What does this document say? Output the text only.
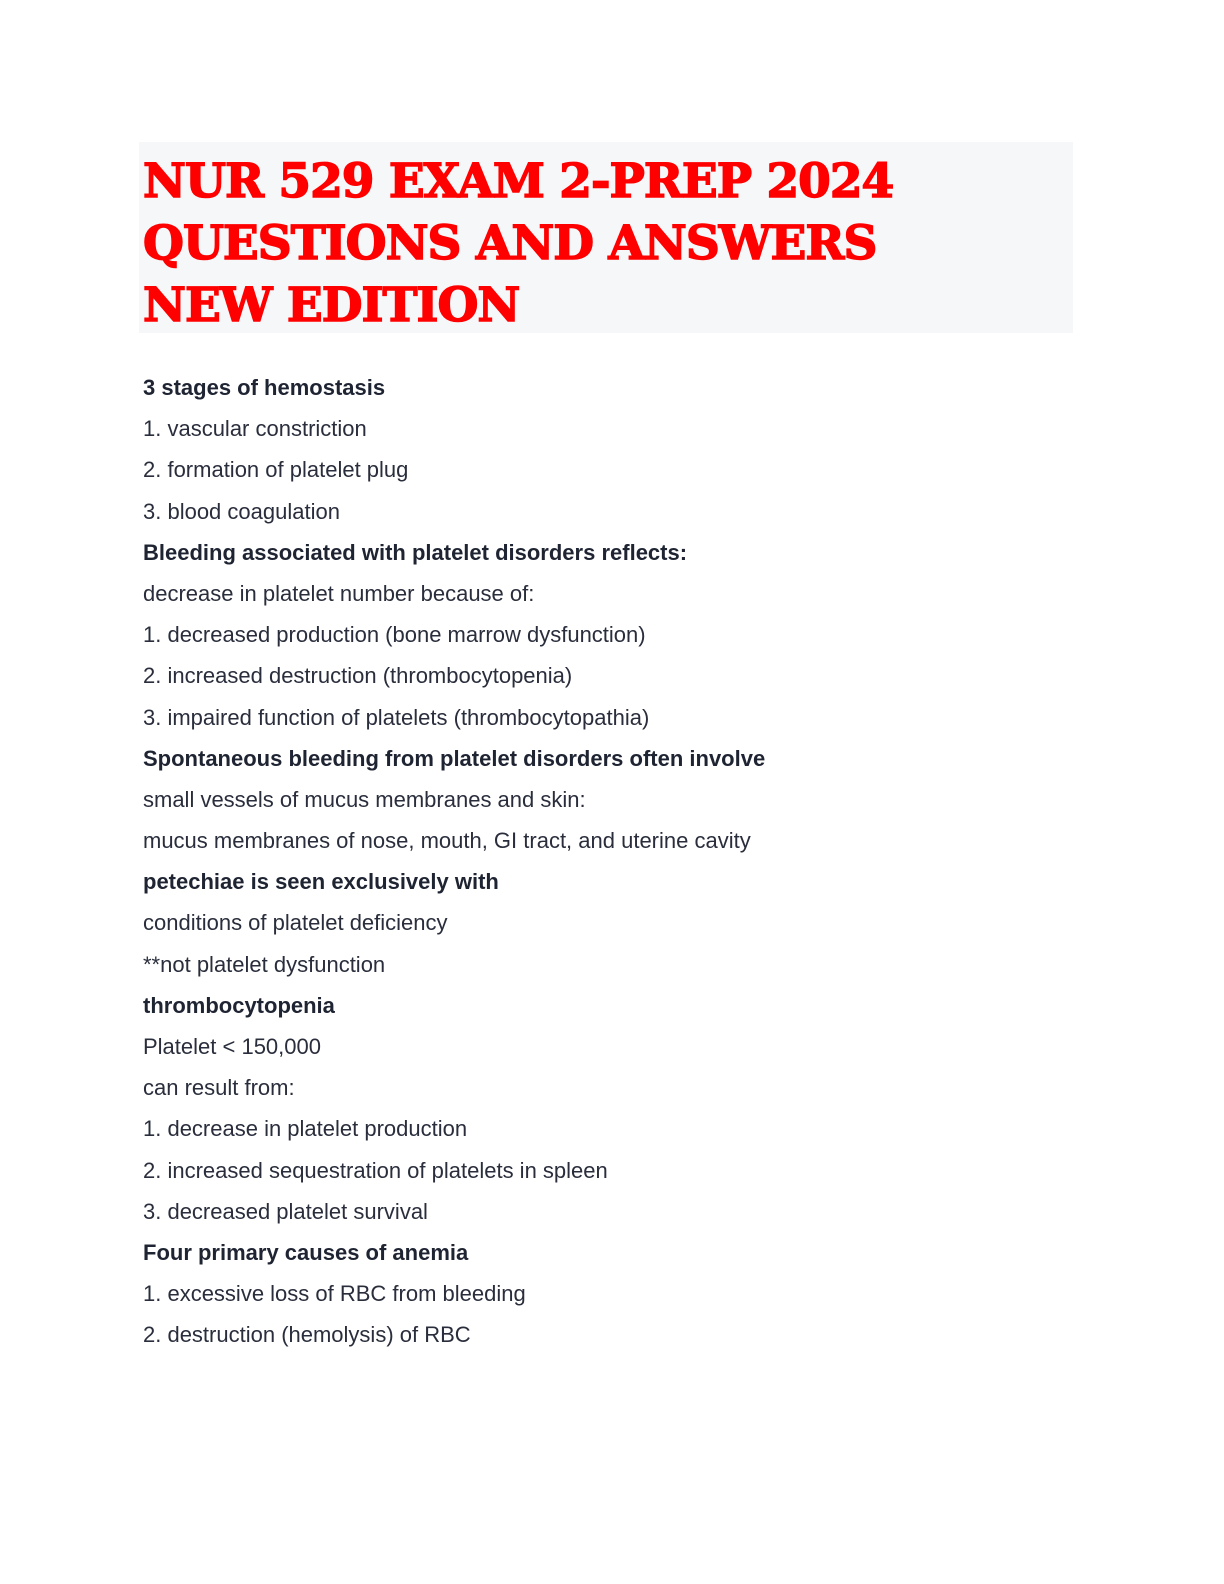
NUR 529 EXAM 2-PREP 2024
QUESTIONS AND ANSWERS
NEW EDITION
3 stages of hemostasis
1. vascular constriction
2. formation of platelet plug
3. blood coagulation
Bleeding associated with platelet disorders reflects:
decrease in platelet number because of:
1. decreased production (bone marrow dysfunction)
2. increased destruction (thrombocytopenia)
3. impaired function of platelets (thrombocytopathia)
Spontaneous bleeding from platelet disorders often involve
small vessels of mucus membranes and skin:
mucus membranes of nose, mouth, GI tract, and uterine cavity
petechiae is seen exclusively with
conditions of platelet deficiency
**not platelet dysfunction
thrombocytopenia
Platelet < 150,000
can result from:
1. decrease in platelet production
2. increased sequestration of platelets in spleen
3. decreased platelet survival
Four primary causes of anemia
1. excessive loss of RBC from bleeding
2. destruction (hemolysis) of RBC
